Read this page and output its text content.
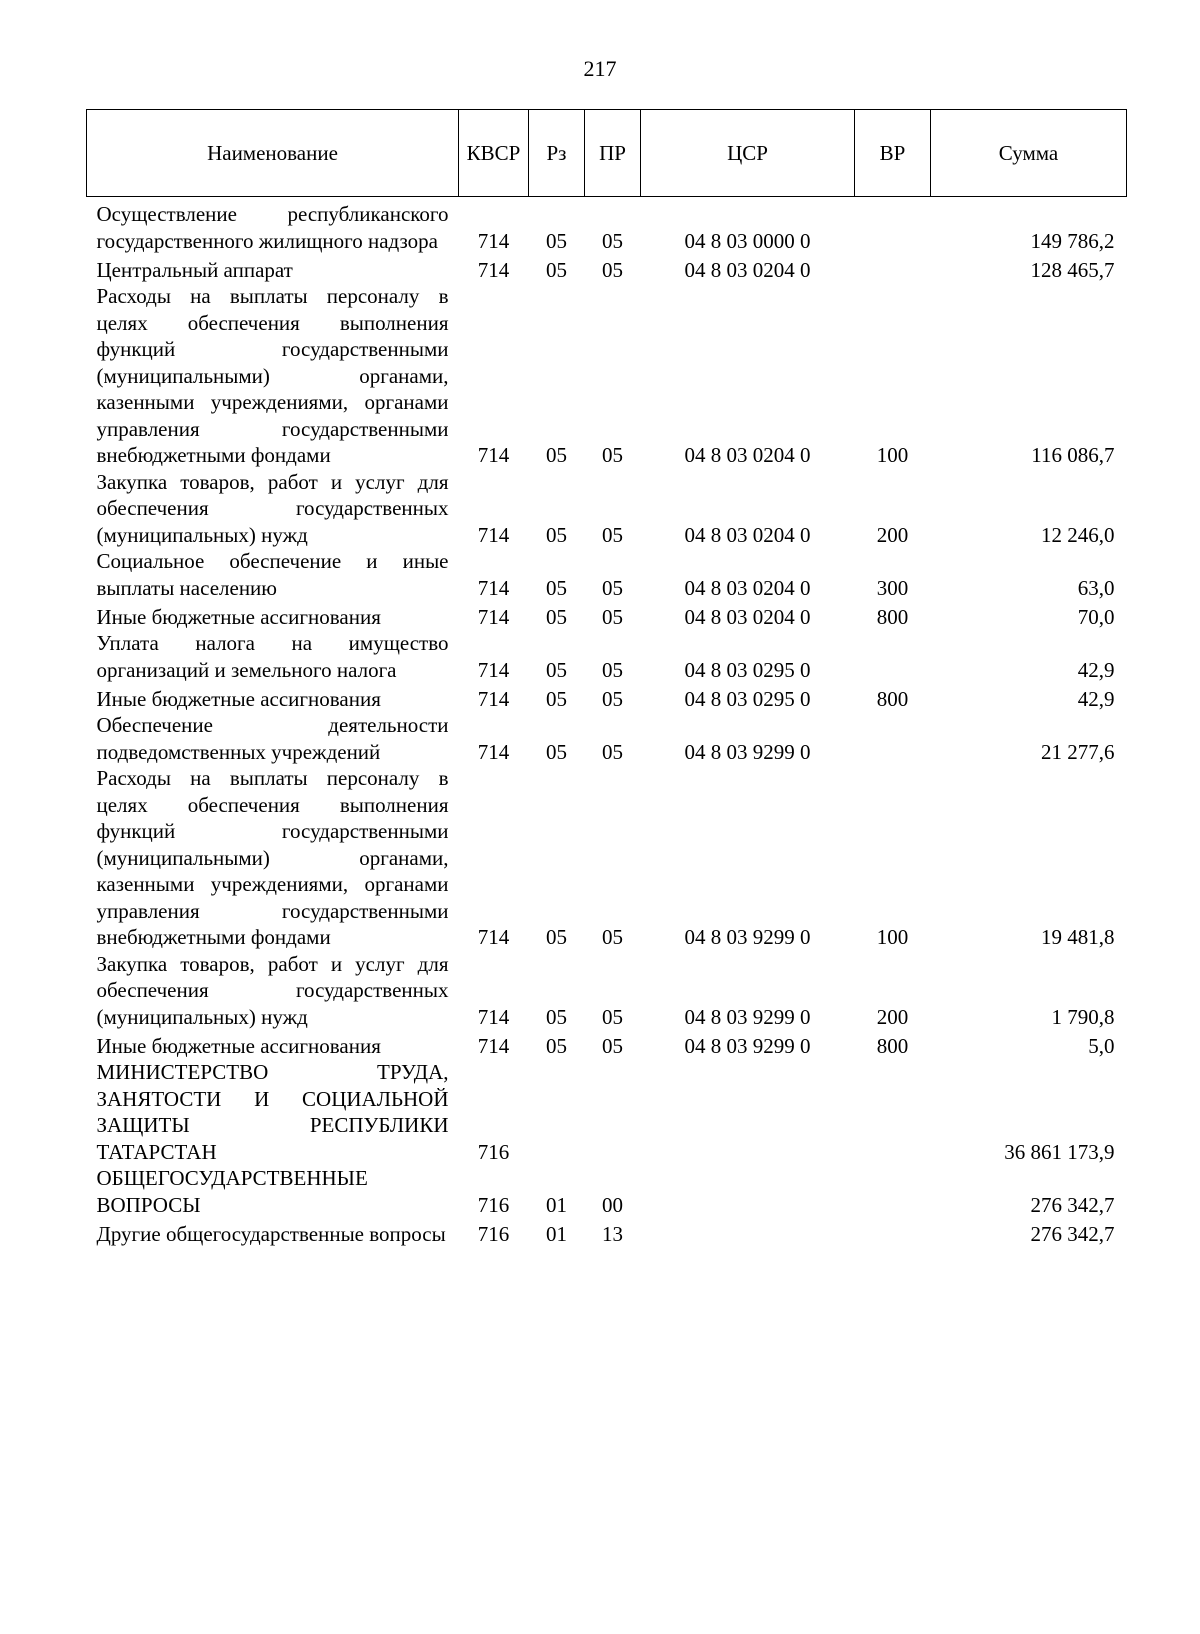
217
Наименование	КВСР	Рз	ПР	ЦСР	ВР	Сумма
Осуществление республиканского государственного жилищного надзора	714	05	05	04 8 03 0000 0		149 786,2
Центральный аппарат	714	05	05	04 8 03 0204 0		128 465,7
Расходы на выплаты персоналу в целях обеспечения выполнения функций государственными (муниципальными) органами, казенными учреждениями, органами управления государственными внебюджетными фондами	714	05	05	04 8 03 0204 0	100	116 086,7
Закупка товаров, работ и услуг для обеспечения государственных (муниципальных) нужд	714	05	05	04 8 03 0204 0	200	12 246,0
Социальное обеспечение и иные выплаты населению	714	05	05	04 8 03 0204 0	300	63,0
Иные бюджетные ассигнования	714	05	05	04 8 03 0204 0	800	70,0
Уплата налога на имущество организаций и земельного налога	714	05	05	04 8 03 0295 0		42,9
Иные бюджетные ассигнования	714	05	05	04 8 03 0295 0	800	42,9
Обеспечение деятельности подведомственных учреждений	714	05	05	04 8 03 9299 0		21 277,6
Расходы на выплаты персоналу в целях обеспечения выполнения функций государственными (муниципальными) органами, казенными учреждениями, органами управления государственными внебюджетными фондами	714	05	05	04 8 03 9299 0	100	19 481,8
Закупка товаров, работ и услуг для обеспечения государственных (муниципальных) нужд	714	05	05	04 8 03 9299 0	200	1 790,8
Иные бюджетные ассигнования	714	05	05	04 8 03 9299 0	800	5,0
МИНИСТЕРСТВО ТРУДА, ЗАНЯТОСТИ И СОЦИАЛЬНОЙ ЗАЩИТЫ РЕСПУБЛИКИ ТАТАРСТАН	716					36 861 173,9
ОБЩЕГОСУДАРСТВЕННЫЕ ВОПРОСЫ	716	01	00			276 342,7
Другие общегосударственные вопросы	716	01	13			276 342,7
